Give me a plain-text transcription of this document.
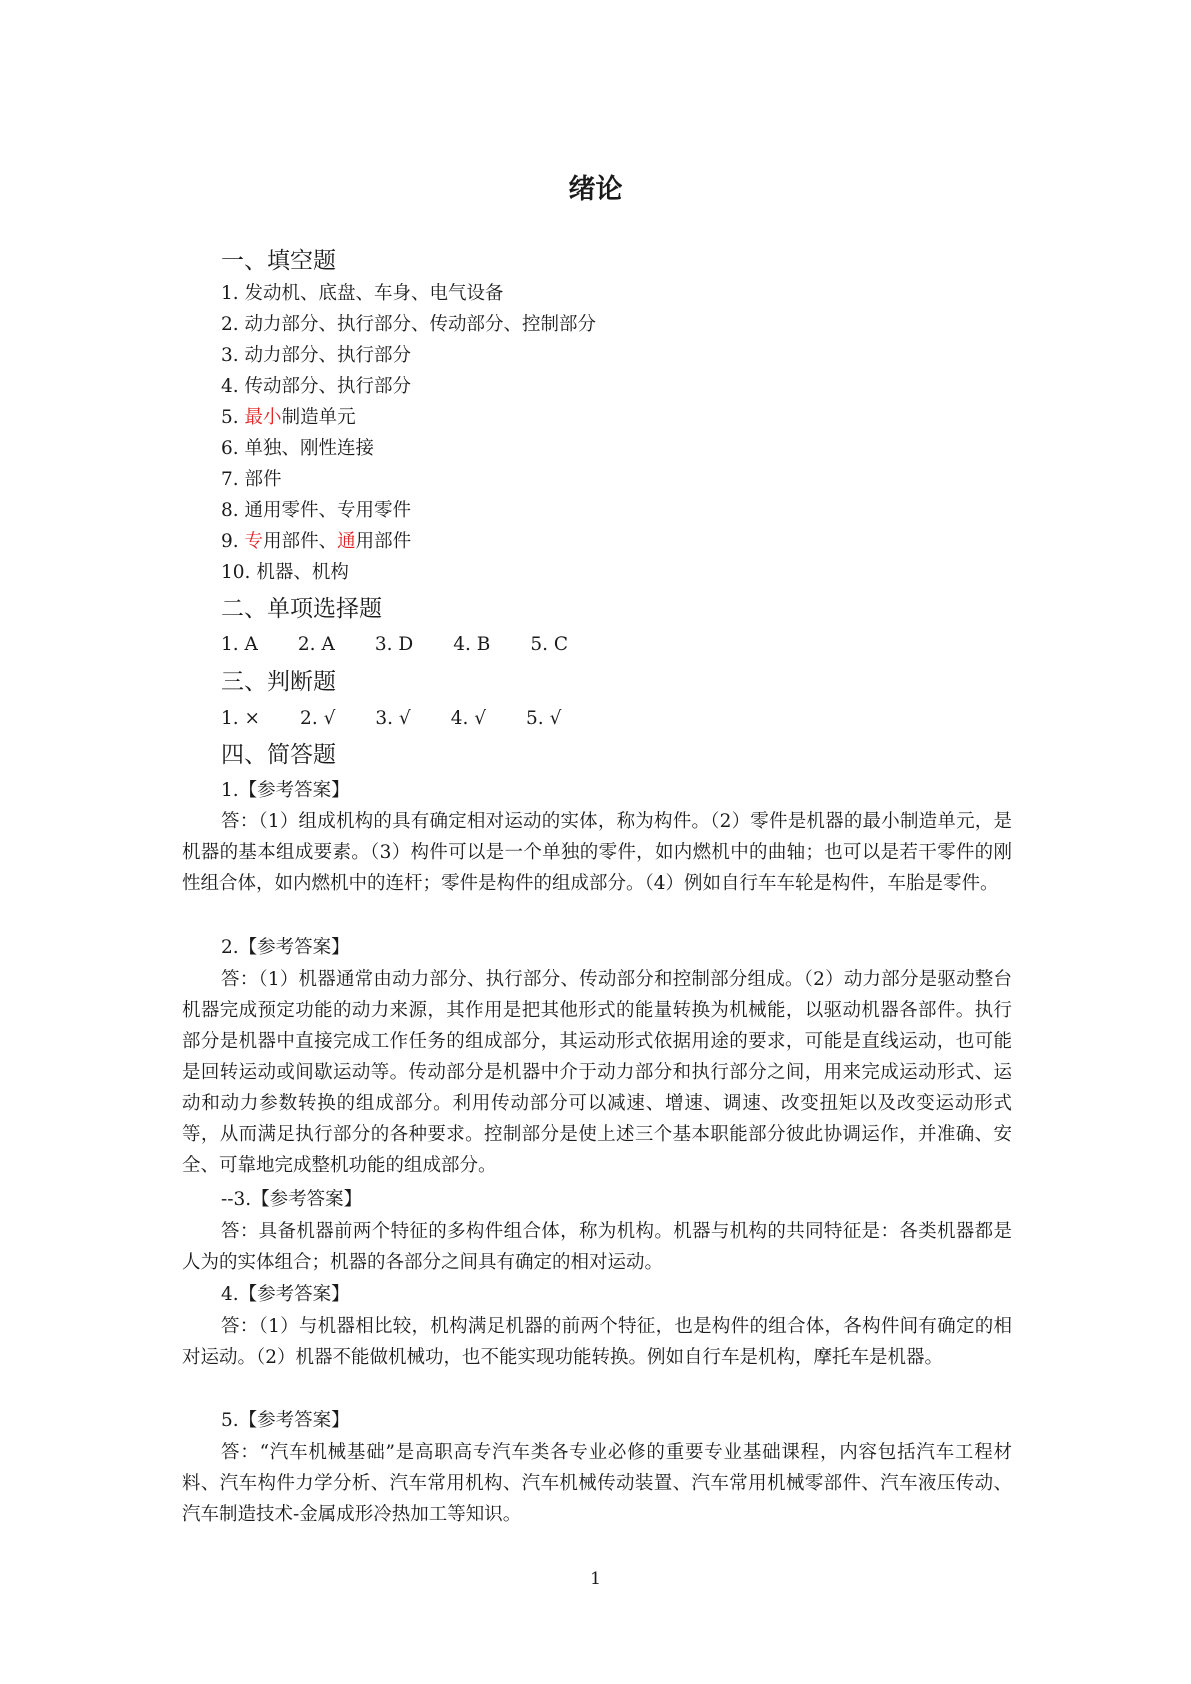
绪论
一、填空题
1. 发动机、底盘、车身、电气设备
2. 动力部分、执行部分、传动部分、控制部分
3. 动力部分、执行部分
4. 传动部分、执行部分
5. 最小制造单元
6. 单独、刚性连接
7. 部件
8. 通用零件、专用零件
9. 专用部件、通用部件
10. 机器、机构
二、单项选择题
1. A 2. A 3. D 4. B 5. C
三、判断题
1. × 2. √ 3. √ 4. √ 5. √
四、简答题
1.【参考答案】

答：（1）组成机构的具有确定相对运动的实体，称为构件。（2）零件是机器的最小制造单元，是机器的基本组成要素。（3）构件可以是一个单独的零件，如内燃机中的曲轴；也可以是若干零件的刚性组合体，如内燃机中的连杆；零件是构件的组成部分。（4）例如自行车车轮是构件，车胎是零件。

2.【参考答案】

答：（1）机器通常由动力部分、执行部分、传动部分和控制部分组成。（2）动力部分是驱动整台机器完成预定功能的动力来源，其作用是把其他形式的能量转换为机械能，以驱动机器各部件。执行部分是机器中直接完成工作任务的组成部分，其运动形式依据用途的要求，可能是直线运动，也可能是回转运动或间歇运动等。传动部分是机器中介于动力部分和执行部分之间，用来完成运动形式、运动和动力参数转换的组成部分。利用传动部分可以减速、增速、调速、改变扭矩以及改变运动形式等，从而满足执行部分的各种要求。控制部分是使上述三个基本职能部分彼此协调运作，并准确、安全、可靠地完成整机功能的组成部分。

--3.【参考答案】

答：具备机器前两个特征的多构件组合体，称为机构。机器与机构的共同特征是：各类机器都是人为的实体组合；机器的各部分之间具有确定的相对运动。

4.【参考答案】

答：（1）与机器相比较，机构满足机器的前两个特征，也是构件的组合体，各构件间有确定的相对运动。（2）机器不能做机械功，也不能实现功能转换。例如自行车是机构，摩托车是机器。

5.【参考答案】

答：“汽车机械基础”是高职高专汽车类各专业必修的重要专业基础课程，内容包括汽车工程材料、汽车构件力学分析、汽车常用机构、汽车机械传动装置、汽车常用机械零部件、汽车液压传动、汽车制造技术-金属成形冷热加工等知识。

1
